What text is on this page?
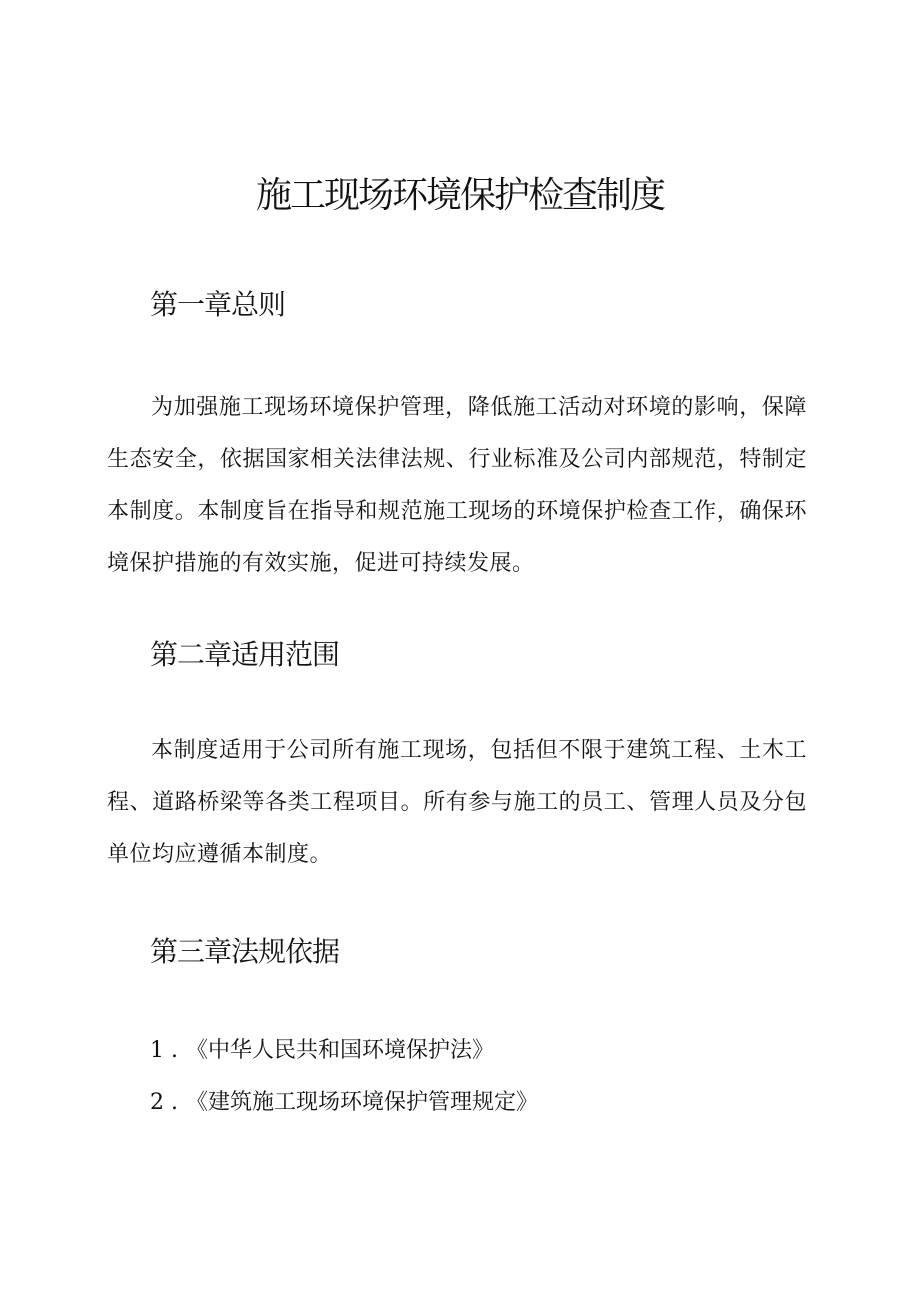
施工现场环境保护检查制度
第一章总则

为加强施工现场环境保护管理，降低施工活动对环境的影响，保障生态安全，依据国家相关法律法规、行业标准及公司内部规范，特制定本制度。本制度旨在指导和规范施工现场的环境保护检查工作，确保环境保护措施的有效实施，促进可持续发展。

第二章适用范围

本制度适用于公司所有施工现场，包括但不限于建筑工程、土木工程、道路桥梁等各类工程项目。所有参与施工的员工、管理人员及分包单位均应遵循本制度。

第三章法规依据
1 . 《中华人民共和国环境保护法》
2 . 《建筑施工现场环境保护管理规定》
